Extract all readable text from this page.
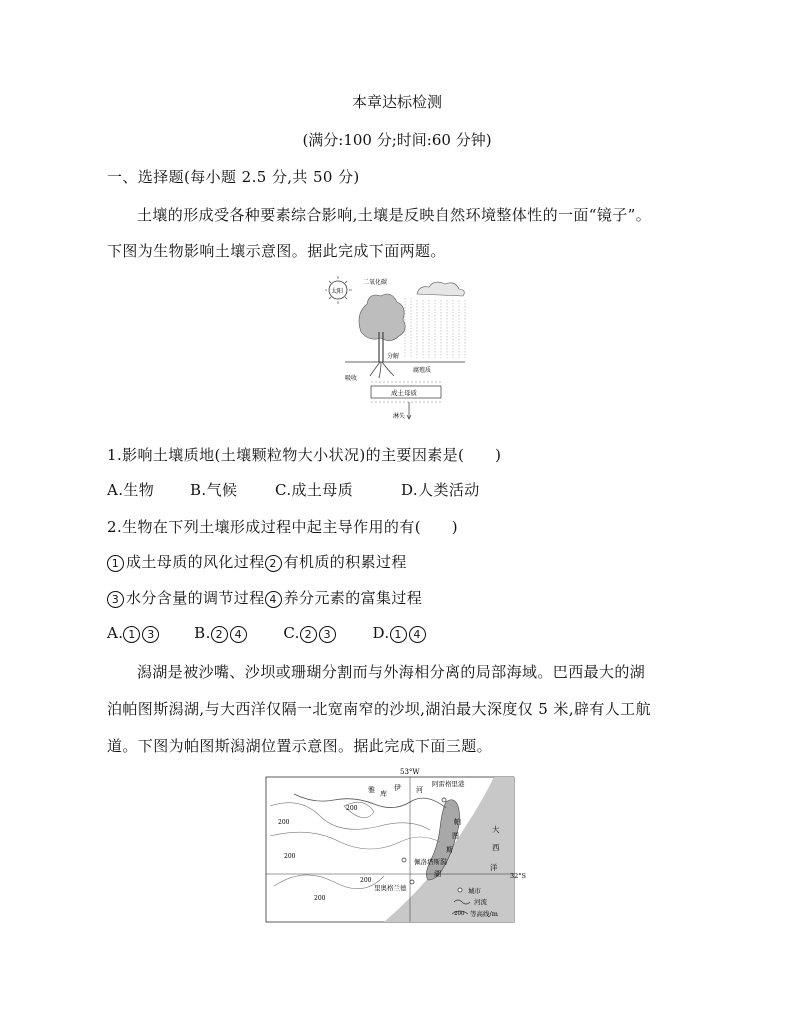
本章达标检测
(满分:100 分;时间:60 分钟)
一、选择题(每小题 2.5 分,共 50 分)
土壤的形成受各种要素综合影响,土壤是反映自然环境整体性的一面“镜子”。
下图为生物影响土壤示意图。据此完成下面两题。
太阳
二氧化碳
分解
腐殖质
吸收
成土母质
淋失
1.影响土壤质地(土壤颗粒物大小状况)的主要因素是(　　)
A.生物 B.气候	C.成土母质	D.人类活动
2.生物在下列土壤形成过程中起主导作用的有(　　)
1 成土母质的风化过程 2 有机质的积累过程
3 水分含量的调节过程 4 养分元素的富集过程
A. 1 3	B. 2 4	C. 2 3	D. 1 4
潟湖是被沙嘴、沙坝或珊瑚分割而与外海相分离的局部海域。巴西最大的湖
泊帕图斯潟湖,与大西洋仅隔一北宽南窄的沙坝,湖泊最大深度仅 5 米,辟有人工航
道。下图为帕图斯潟湖位置示意图。据此完成下面三题。
53°W
200
200
200
200
200
雅 库
伊 河
32°S
阿雷格里港
佩洛塔斯
里奥格兰德
帕
图
斯
潟
湖
大
西
洋
城市
河流
200 等高线/m
